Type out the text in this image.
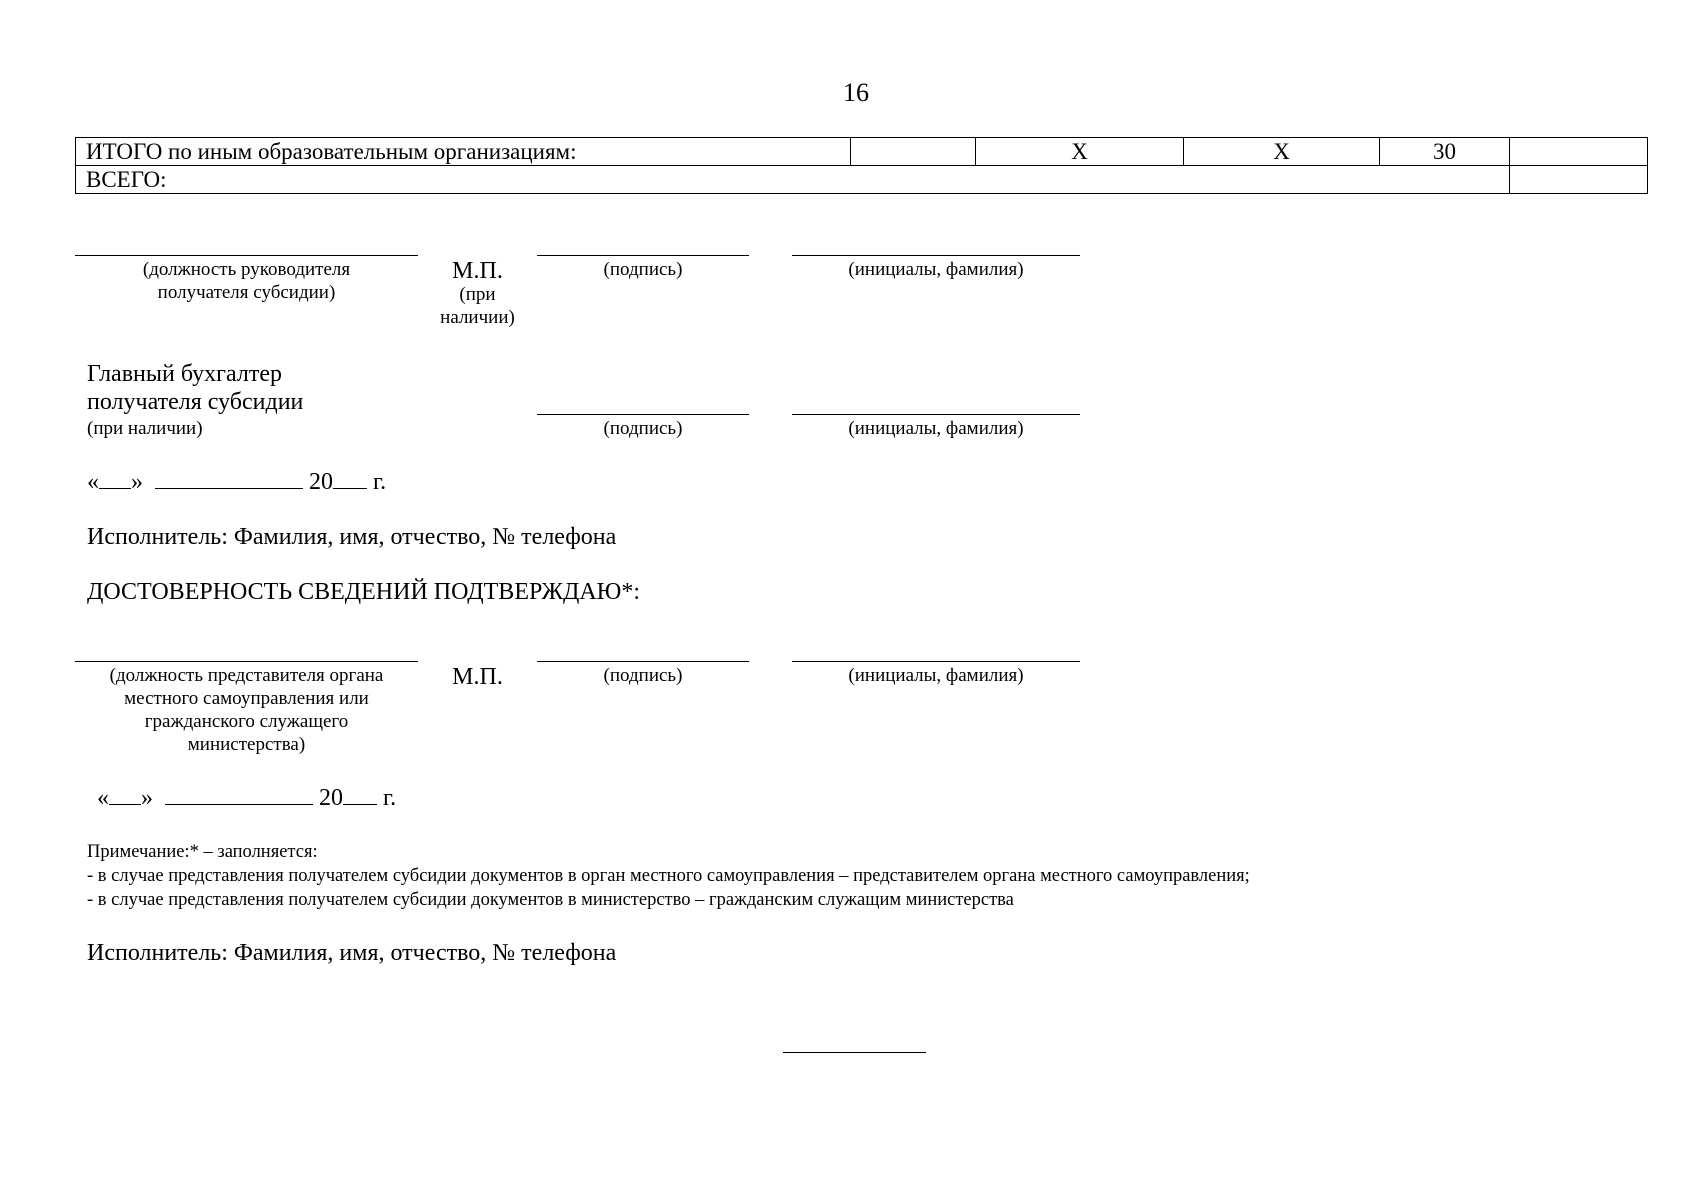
16
ИТОГО по иным образовательным организациям:		Х	Х	30	
ВСЕГО:					
(должность руководителя
получателя субсидии)
М.П.
(при
наличии)
(подпись)	(инициалы, фамилия)
Главный бухгалтер
получателя субсидии
(при наличии)	(подпись)	(инициалы, фамилия)
« »	20 г.
Исполнитель: Фамилия, имя, отчество, № телефона
ДОСТОВЕРНОСТЬ СВЕДЕНИЙ ПОДТВЕРЖДАЮ*:
(должность представителя органа
местного самоуправления или
гражданского служащего
министерства)
М.П.	(подпись)	(инициалы, фамилия)
« »	20 г.
Примечание:* – заполняется:
- в случае представления получателем субсидии документов в орган местного самоуправления – представителем органа местного самоуправления;
- в случае представления получателем субсидии документов в министерство – гражданским служащим министерства
Исполнитель: Фамилия, имя, отчество, № телефона
